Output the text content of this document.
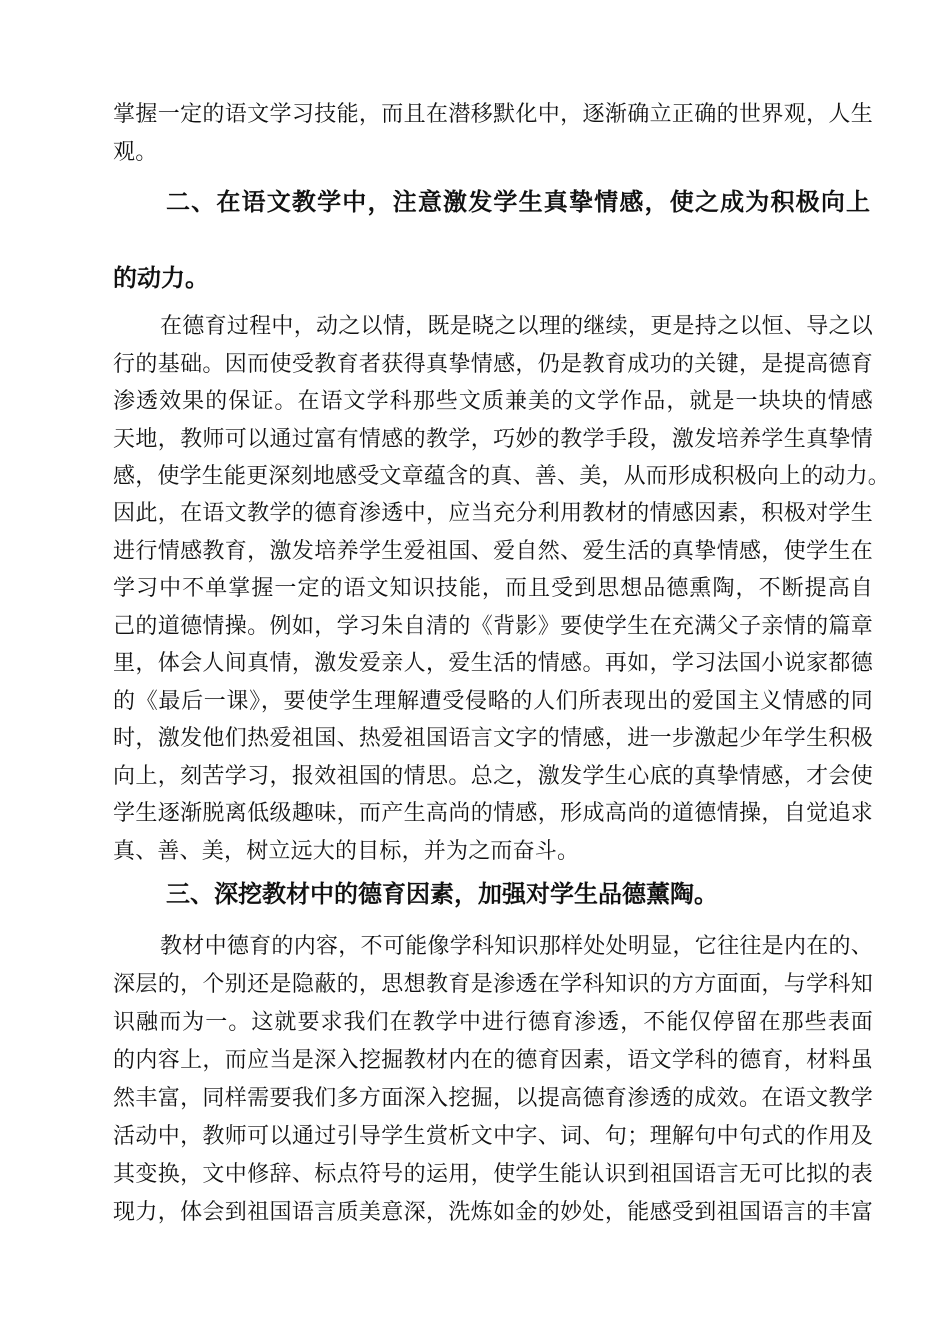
掌握一定的语文学习技能，而且在潜移默化中，逐渐确立正确的世界观，人生
观。
二、在语文教学中，注意激发学生真挚情感，使之成为积极向上
的动力。
在德育过程中，动之以情，既是晓之以理的继续，更是持之以恒、导之以
行的基础。因而使受教育者获得真挚情感，仍是教育成功的关键，是提高德育
渗透效果的保证。在语文学科那些文质兼美的文学作品，就是一块块的情感
天地，教师可以通过富有情感的教学，巧妙的教学手段，激发培养学生真挚情
感，使学生能更深刻地感受文章蕴含的真、善、美，从而形成积极向上的动力。
因此，在语文教学的德育渗透中，应当充分利用教材的情感因素，积极对学生
进行情感教育，激发培养学生爱祖国、爱自然、爱生活的真挚情感，使学生在
学习中不单掌握一定的语文知识技能，而且受到思想品德熏陶，不断提高自
己的道德情操。例如，学习朱自清的《背影》要使学生在充满父子亲情的篇章
里，体会人间真情，激发爱亲人，爱生活的情感。再如，学习法国小说家都德
的《最后一课》，要使学生理解遭受侵略的人们所表现出的爱国主义情感的同
时，激发他们热爱祖国、热爱祖国语言文字的情感，进一步激起少年学生积极
向上，刻苦学习，报效祖国的情思。总之，激发学生心底的真挚情感，才会使
学生逐渐脱离低级趣味，而产生高尚的情感，形成高尚的道德情操，自觉追求
真、善、美，树立远大的目标，并为之而奋斗。
三、深挖教材中的德育因素，加强对学生品德薰陶。
教材中德育的内容，不可能像学科知识那样处处明显，它往往是内在的、
深层的，个别还是隐蔽的，思想教育是渗透在学科知识的方方面面，与学科知
识融而为一。这就要求我们在教学中进行德育渗透，不能仅停留在那些表面
的内容上，而应当是深入挖掘教材内在的德育因素，语文学科的德育，材料虽
然丰富，同样需要我们多方面深入挖掘，以提高德育渗透的成效。在语文教学
活动中，教师可以通过引导学生赏析文中字、词、句；理解句中句式的作用及
其变换，文中修辞、标点符号的运用，使学生能认识到祖国语言无可比拟的表
现力，体会到祖国语言质美意深，洗炼如金的妙处，能感受到祖国语言的丰富
